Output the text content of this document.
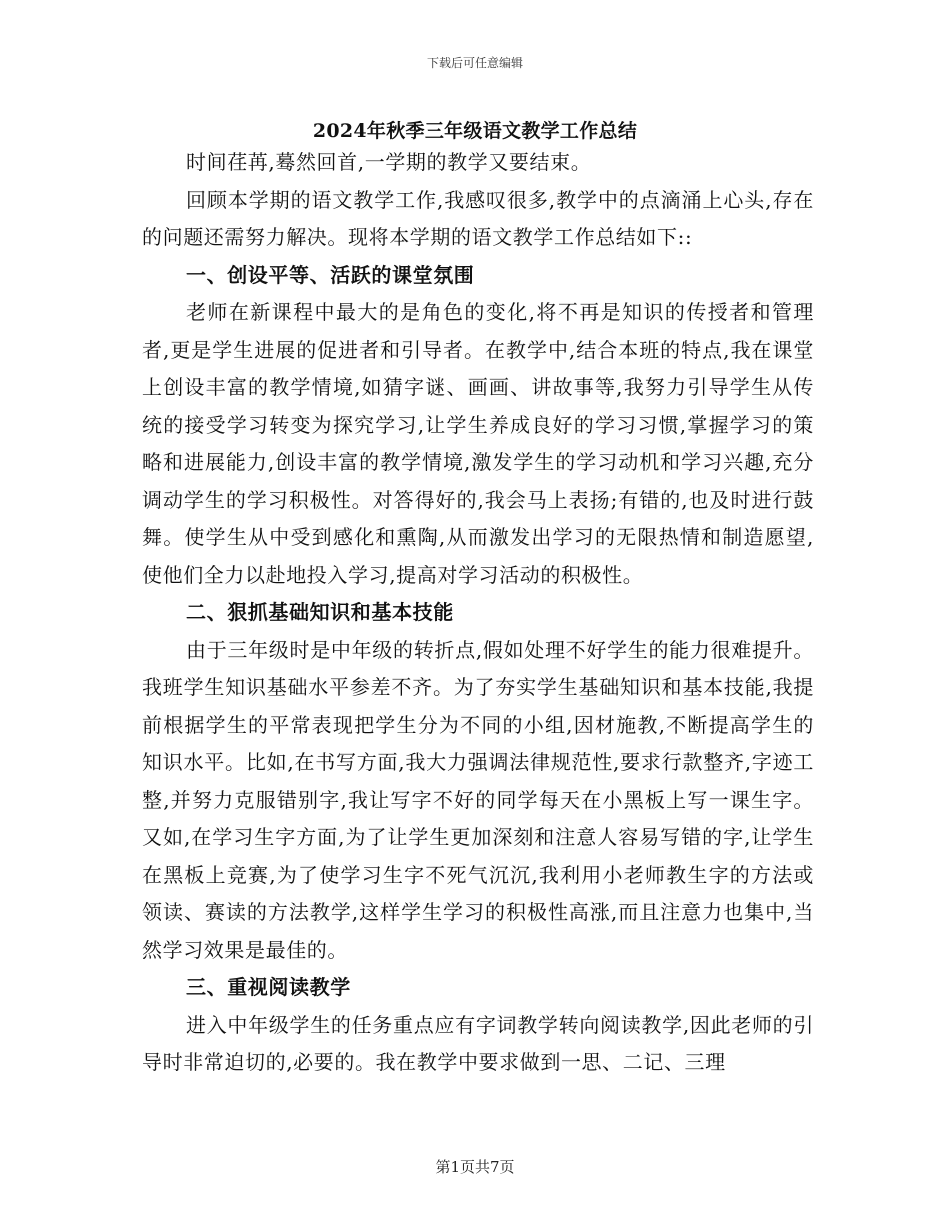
下载后可任意编辑
2024年秋季三年级语文教学工作总结

时间荏苒,蓦然回首,一学期的教学又要结束。

回顾本学期的语文教学工作,我感叹很多,教学中的点滴涌上心头,存在的问题还需努力解决。现将本学期的语文教学工作总结如下::

一、创设平等、活跃的课堂氛围

老师在新课程中最大的是角色的变化,将不再是知识的传授者和管理者,更是学生进展的促进者和引导者。在教学中,结合本班的特点,我在课堂上创设丰富的教学情境,如猜字谜、画画、讲故事等,我努力引导学生从传统的接受学习转变为探究学习,让学生养成良好的学习习惯,掌握学习的策略和进展能力,创设丰富的教学情境,激发学生的学习动机和学习兴趣,充分调动学生的学习积极性。对答得好的,我会马上表扬;有错的,也及时进行鼓舞。使学生从中受到感化和熏陶,从而激发出学习的无限热情和制造愿望,使他们全力以赴地投入学习,提高对学习活动的积极性。

二、狠抓基础知识和基本技能

由于三年级时是中年级的转折点,假如处理不好学生的能力很难提升。我班学生知识基础水平参差不齐。为了夯实学生基础知识和基本技能,我提前根据学生的平常表现把学生分为不同的小组,因材施教,不断提高学生的知识水平。比如,在书写方面,我大力强调法律规范性,要求行款整齐,字迹工整,并努力克服错别字,我让写字不好的同学每天在小黑板上写一课生字。又如,在学习生字方面,为了让学生更加深刻和注意人容易写错的字,让学生在黑板上竞赛,为了使学习生字不死气沉沉,我利用小老师教生字的方法或领读、赛读的方法教学,这样学生学习的积极性高涨,而且注意力也集中,当然学习效果是最佳的。

三、重视阅读教学

进入中年级学生的任务重点应有字词教学转向阅读教学,因此老师的引导时非常迫切的,必要的。我在教学中要求做到一思、二记、三理

第1页共7页
